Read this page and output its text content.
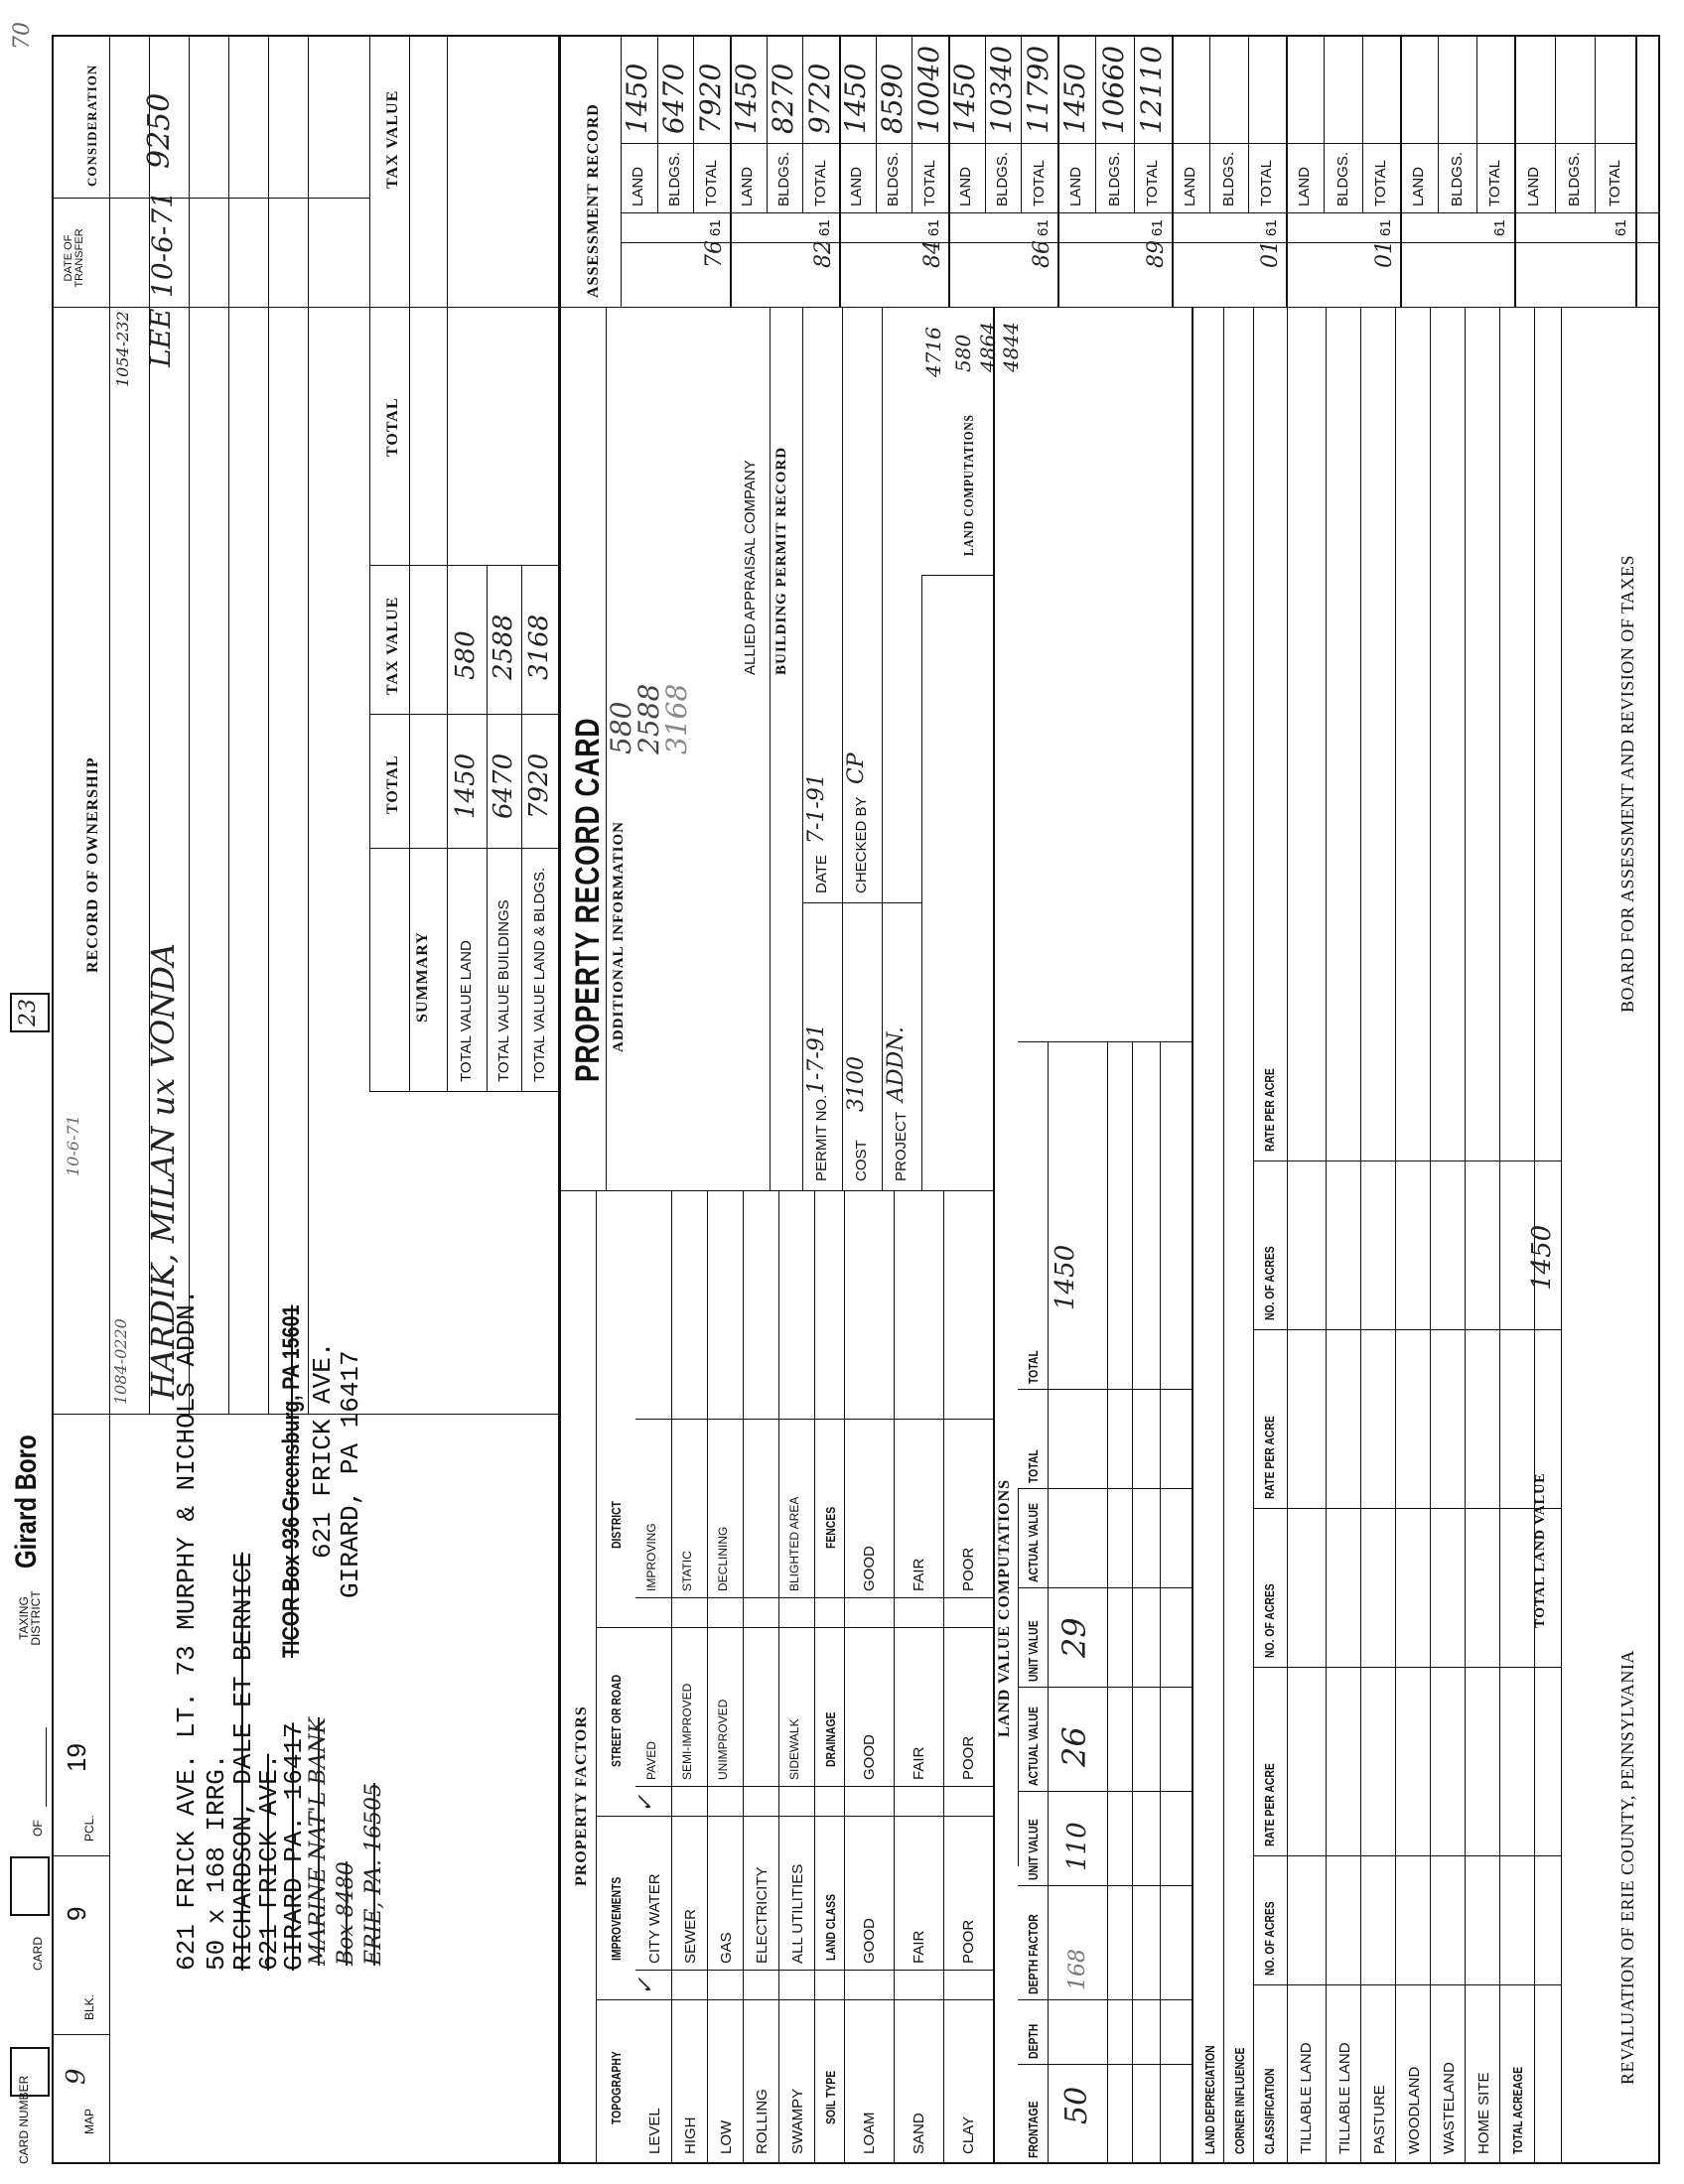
CARD NUMBER
CARD
OF
TAXING DISTRICT
Girard Boro
23
70
MAP
9
BLK.
9
PCL.
19	621 FRICK AVE. LT. 73 MURPHY & NICHOLS ADDN. 50 x 168 IRRG.
RICHARDSON, DALE ET BERNICE
621 FRICK AVE.
GIRARD PA. 16417
MARINE NAT'L BANK Box 8480 ERIE, PA. 16505
TICOR Box 936 Greensburg, PA 15601 621 FRICK AVE.
GIRARD, PA 16417
10-6-71
RECORD OF OWNERSHIP
DATE OF TRANSFER
CONSIDERATION
1084-0220 HARDIK, MILAN ux VONDA
1054-232 LEE
10-6-71
9250
SUMMARY
TOTAL
TAX VALUE
TOTAL
TAX VALUE
TOTAL VALUE LAND TOTAL VALUE BUILDINGS TOTAL VALUE LAND & BLDGS.
1450 6470 7920
580 2588 3168
PROPERTY RECORD CARD ADDITIONAL INFORMATION
580
2588
3168
ALLIED APPRAISAL COMPANY BUILDING PERMIT RECORD
PERMIT NO.
1-7-91
DATE
7-1-91
COST
3100
CHECKED BY
CP
PROJECT
ADDN.
LAND COMPUTATIONS
4716 580 4864 4844
ASSESSMENT RECORD LAND
1450
BLDGS.
6470
TOTAL
7920
61
76
LAND
1450
BLDGS.
8270
TOTAL
9720
61
82
LAND
1450
BLDGS.
8590
TOTAL
10040
61
84
LAND
1450
BLDGS.
10340
TOTAL
11790
61
86
LAND
1450
BLDGS.
10660
TOTAL
12110
61
89
LAND BLDGS. TOTAL
61
01
LAND BLDGS. TOTAL
61
01
LAND BLDGS. TOTAL
61
LAND BLDGS. TOTAL
61
PROPERTY FACTORS
TOPOGRAPHY
IMPROVEMENTS
STREET OR ROAD
DISTRICT
LEVEL
CITY WATER
PAVED
IMPROVING
HIGH
SEWER
SEMI-IMPROVED
STATIC
LOW
GAS
UNIMPROVED
DECLINING
ROLLING
ELECTRICITY
SWAMPY
ALL UTILITIES
SIDEWALK
BLIGHTED AREA
SOIL TYPE
LAND CLASS
DRAINAGE
FENCES
LOAM
GOOD
GOOD
GOOD
SAND
FAIR
FAIR
FAIR
CLAY
POOR
POOR
POOR
✓
✓
LAND VALUE COMPUTATIONS
FRONTAGE
DEPTH
DEPTH FACTOR
UNIT VALUE
ACTUAL VALUE
UNIT VALUE
ACTUAL VALUE
TOTAL
TOTAL
LAND DEPRECIATION CORNER INFLUENCE CLASSIFICATION
NO. OF ACRES
RATE PER ACRE
NO. OF ACRES
RATE PER ACRE
NO. OF ACRES
RATE PER ACRE
TILLABLE LAND TILLABLE LAND PASTURE WOODLAND WASTELAND HOME SITE TOTAL ACREAGE
50
168
110
26
29
1450
TOTAL LAND VALUE
1450
REVALUATION OF ERIE COUNTY, PENNSYLVANIA
BOARD FOR ASSESSMENT AND REVISION OF TAXES
